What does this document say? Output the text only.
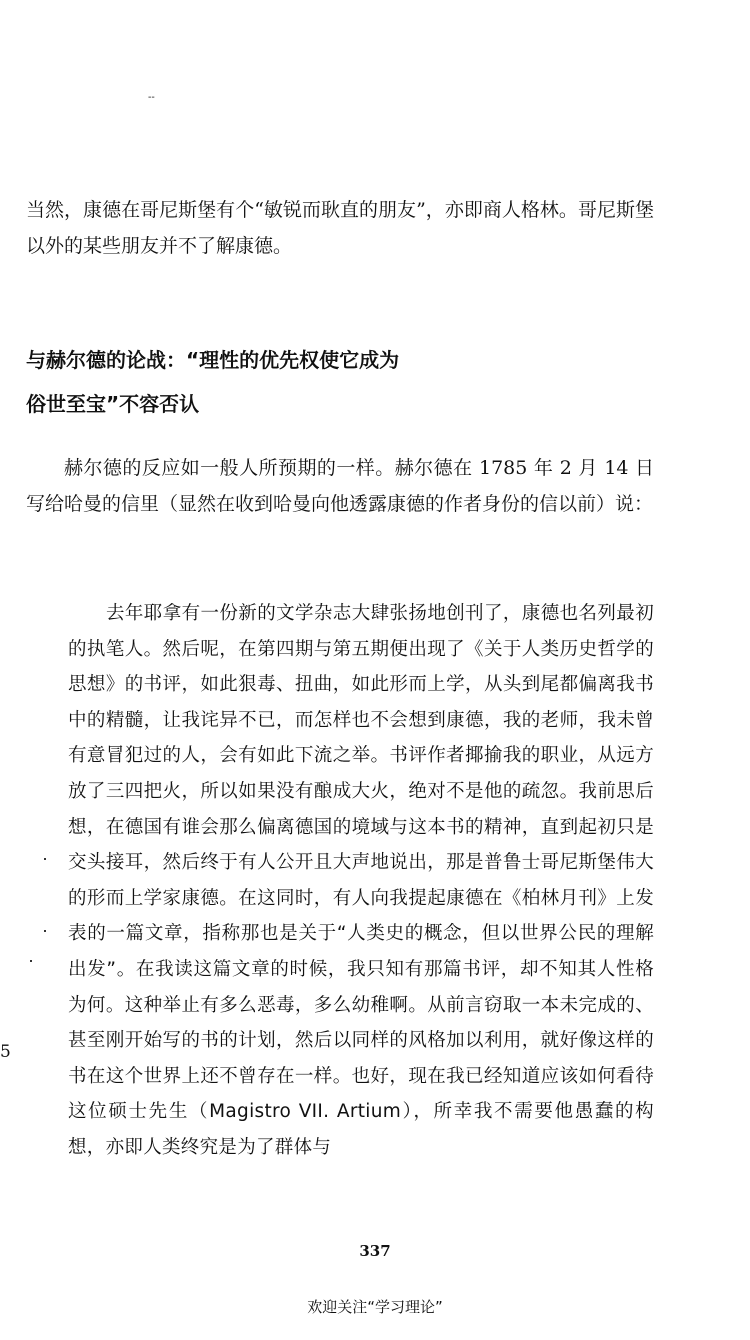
--

当然，康德在哥尼斯堡有个“敏锐而耿直的朋友”，亦即商人格林。哥尼斯堡以外的某些朋友并不了解康德。

与赫尔德的论战：“理性的优先权使它成为
俗世至宝”不容否认

赫尔德的反应如一般人所预期的一样。赫尔德在 1785 年 2 月 14 日写给哈曼的信里（显然在收到哈曼向他透露康德的作者身份的信以前）说：

去年耶拿有一份新的文学杂志大肆张扬地创刊了，康德也名列最初的执笔人。然后呢，在第四期与第五期便出现了《关于人类历史哲学的思想》的书评，如此狠毒、扭曲，如此形而上学，从头到尾都偏离我书中的精髓，让我诧异不已，而怎样也不会想到康德，我的老师，我未曾有意冒犯过的人，会有如此下流之举。书评作者揶揄我的职业，从远方放了三四把火，所以如果没有酿成大火，绝对不是他的疏忽。我前思后想，在德国有谁会那么偏离德国的境域与这本书的精神，直到起初只是交头接耳，然后终于有人公开且大声地说出，那是普鲁士哥尼斯堡伟大的形而上学家康德。在这同时，有人向我提起康德在《柏林月刊》上发表的一篇文章，指称那也是关于“人类史的概念，但以世界公民的理解出发”。在我读这篇文章的时候，我只知有那篇书评，却不知其人性格为何。这种举止有多么恶毒，多么幼稚啊。从前言窃取一本未完成的、甚至刚开始写的书的计划，然后以同样的风格加以利用，就好像这样的书在这个世界上还不曾存在一样。也好，现在我已经知道应该如何看待这位硕士先生（Magistro VII. Artium），所幸我不需要他愚蠢的构想，亦即人类终究是为了群体与

5
337
欢迎关注“学习理论”
